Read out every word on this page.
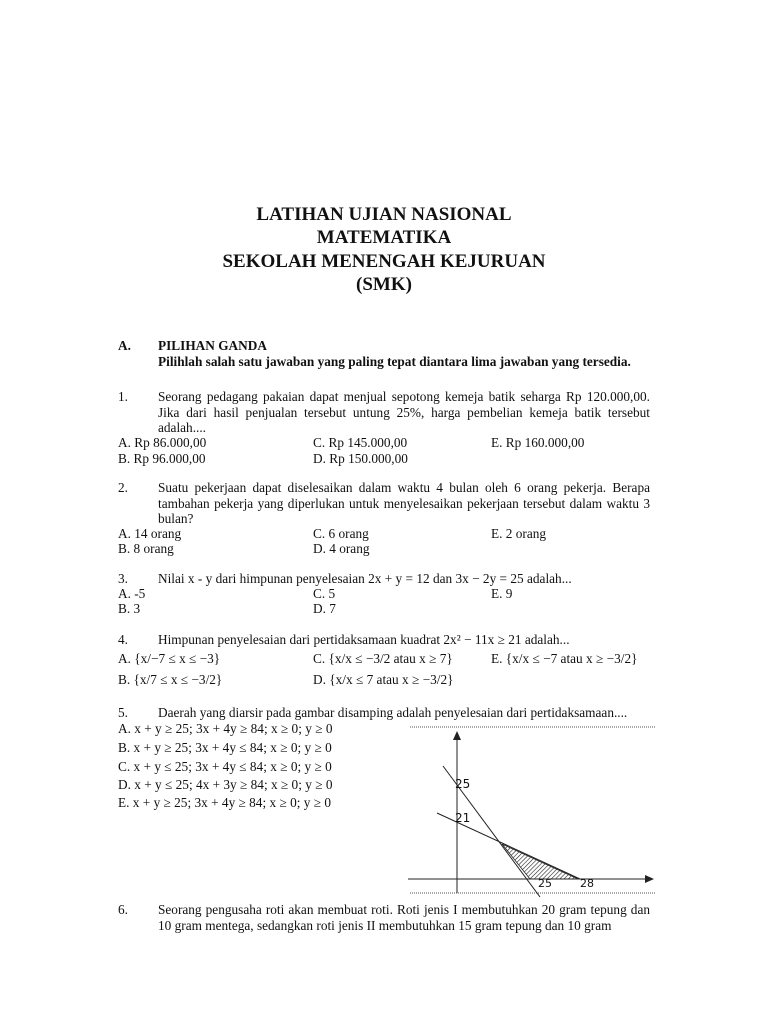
LATIHAN UJIAN NASIONAL
MATEMATIKA
SEKOLAH MENENGAH KEJURUAN
(SMK)
A. PILIHAN GANDA
Pilihlah salah satu jawaban yang paling tepat diantara lima jawaban yang tersedia.
1. Seorang pedagang pakaian dapat menjual sepotong kemeja batik seharga Rp 120.000,00. Jika dari hasil penjualan tersebut untung 25%, harga pembelian kemeja batik tersebut adalah....
A. Rp 86.000,00
B. Rp 96.000,00
C. Rp 145.000,00
D. Rp 150.000,00
E. Rp 160.000,00
2. Suatu pekerjaan dapat diselesaikan dalam waktu 4 bulan oleh 6 orang pekerja. Berapa tambahan pekerja yang diperlukan untuk menyelesaikan pekerjaan tersebut dalam waktu 3 bulan?
A. 14 orang
B. 8 orang
C. 6 orang
D. 4 orang
E. 2 orang
3. Nilai x - y dari himpunan penyelesaian 2x + y = 12 dan 3x − 2y = 25 adalah...
A. -5
B. 3
C. 5
D. 7
E. 9
4. Himpunan penyelesaian dari pertidaksamaan kuadrat 2x² − 11x ≥ 21 adalah...
A. {x/−7 ≤ x ≤ −3}
B. {x/7 ≤ x ≤ −3/2}
C. {x/x ≤ −3/2 atau x ≥ 7}
D. {x/x ≤ 7 atau x ≥ −3/2}
E. {x/x ≤ −7 atau x ≥ −3/2}
5. Daerah yang diarsir pada gambar disamping adalah penyelesaian dari pertidaksamaan....
A. x + y ≥ 25; 3x + 4y ≥ 84; x ≥ 0; y ≥ 0
B. x + y ≥ 25; 3x + 4y ≤ 84; x ≥ 0; y ≥ 0
C. x + y ≤ 25; 3x + 4y ≤ 84; x ≥ 0; y ≥ 0
D. x + y ≤ 25; 4x + 3y ≥ 84; x ≥ 0; y ≥ 0
E. x + y ≥ 25; 3x + 4y ≥ 84; x ≥ 0; y ≥ 0
25
21
25	28
6. Seorang pengusaha roti akan membuat roti. Roti jenis I membutuhkan 20 gram tepung dan 10 gram mentega, sedangkan roti jenis II membutuhkan 15 gram tepung dan 10 gram
